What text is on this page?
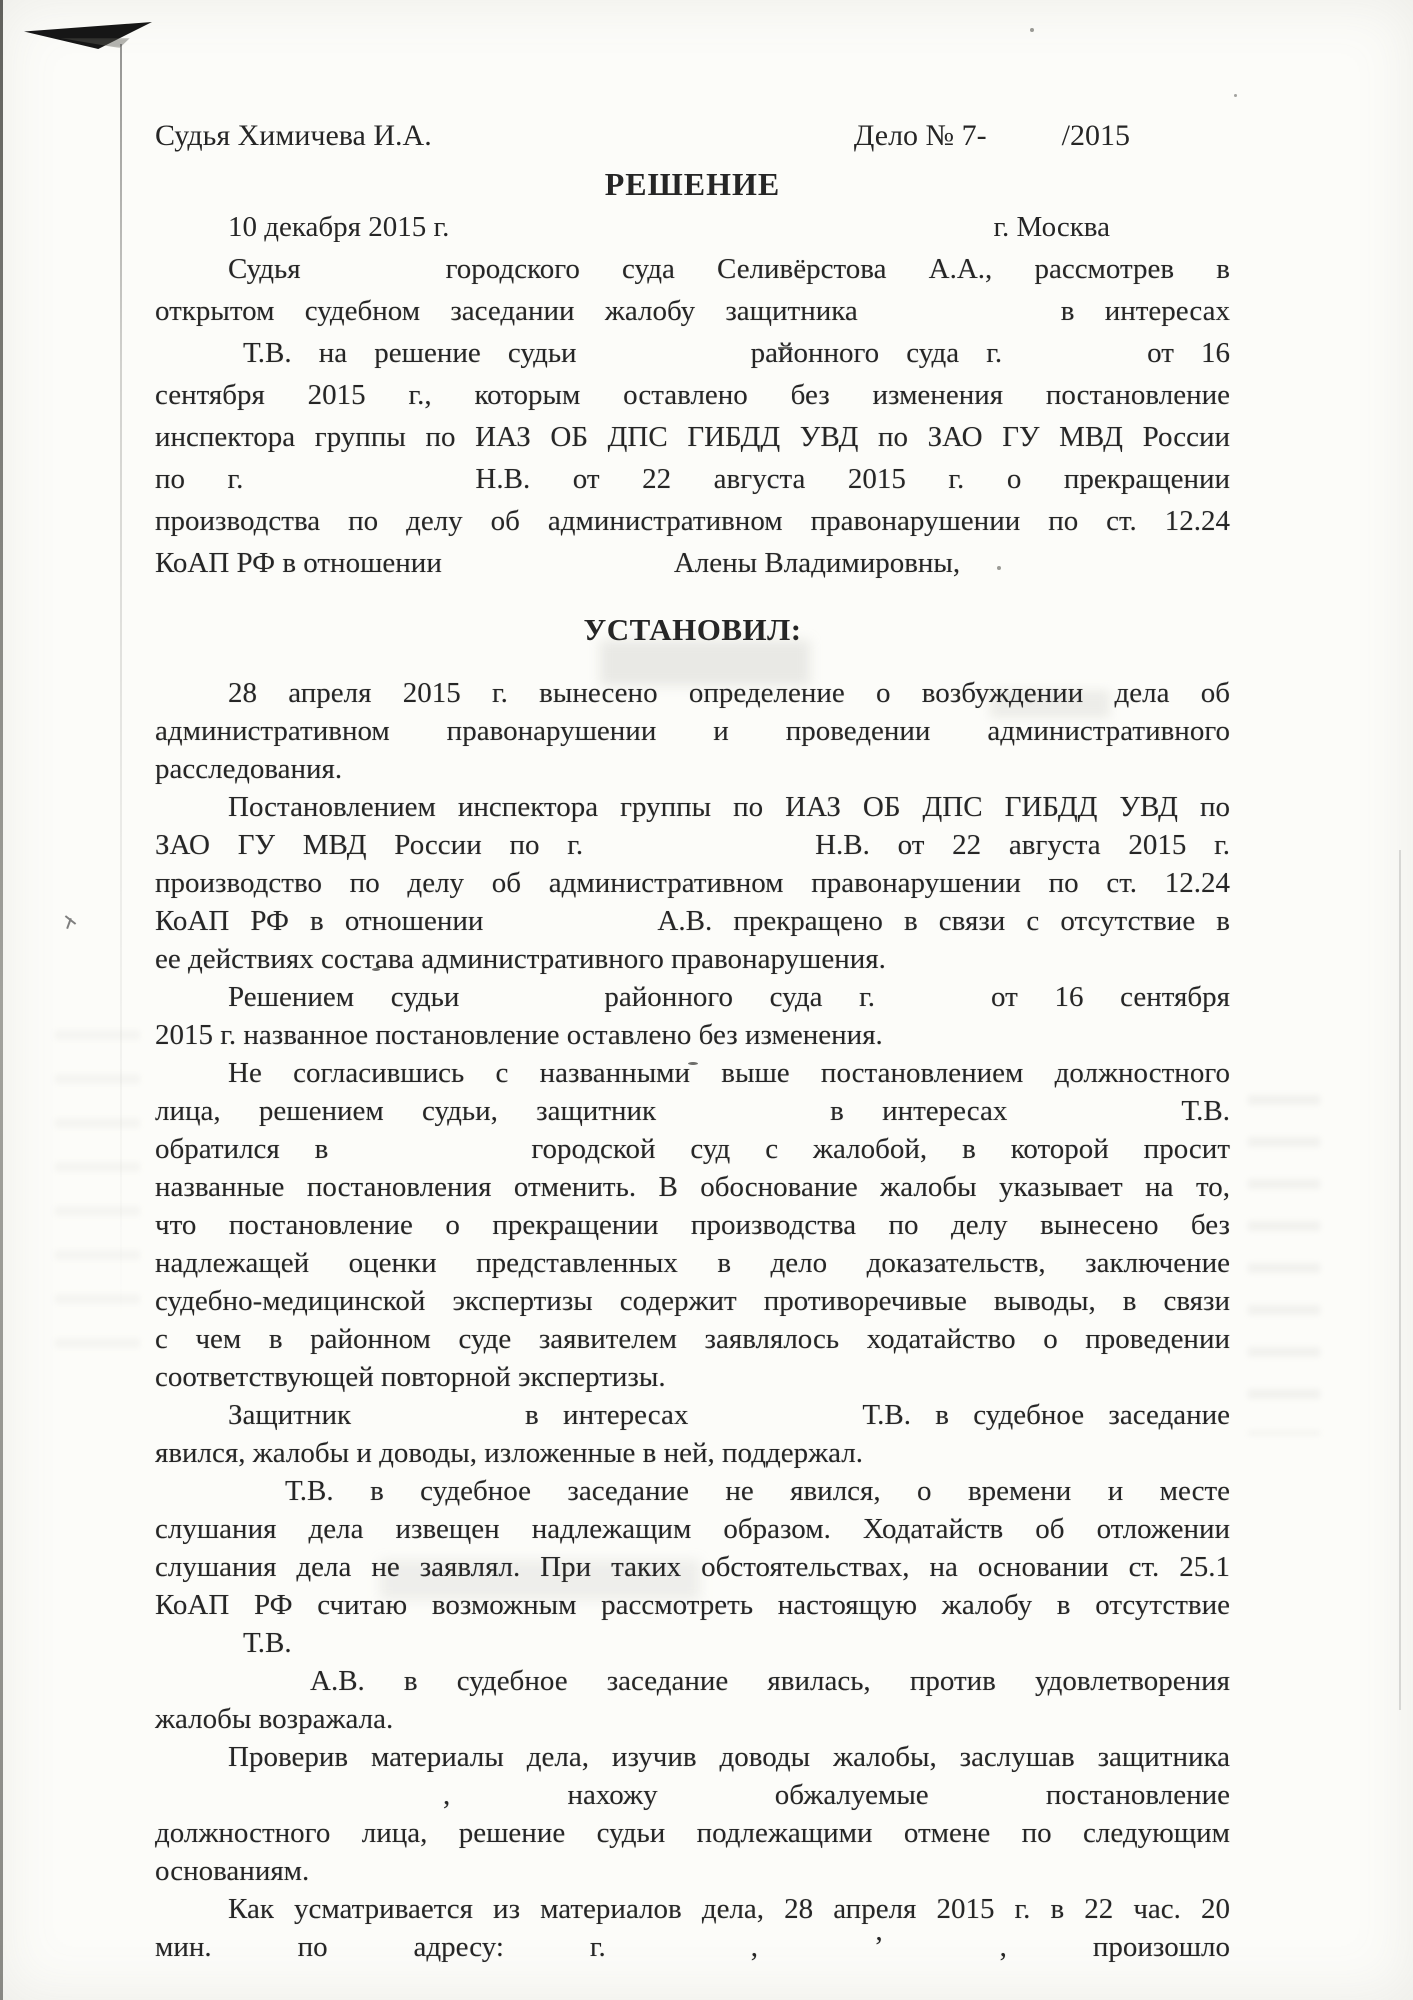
Судья Химичева И.А.	Дело № 7-   /2015
РЕШЕНИЕ
10 декабря 2015 г.	г. Москва
Судья     городского суда Селивёрстова А.А., рассмотрев в
открытом судебном заседании жалобу защитника       в интересах
Т.В. на решение судьи      районного суда г.     от 16
сентября 2015 г., которым оставлено без изменения постановление
инспектора группы по ИАЗ ОБ ДПС ГИБДД УВД по ЗАО ГУ МВД России
по г.        Н.В. от 22 августа 2015 г. о прекращении
производства по делу об административном правонарушении по ст. 12.24
КоАП РФ в отношении        Алены Владимировны,
УСТАНОВИЛ:
28 апреля 2015 г. вынесено определение о возбуждении дела об
административном правонарушении и проведении административного
расследования.
Постановлением инспектора группы по ИАЗ ОБ ДПС ГИБДД УВД по
ЗАО ГУ МВД России по г.        Н.В. от 22 августа 2015 г.
производство по делу об административном правонарушении по ст. 12.24
КоАП РФ в отношении      А.В. прекращено в связи с отсутствие в
ее действиях состава административного правонарушения.
Решением судьи     районного суда г.    от 16 сентября
2015 г. названное постановление оставлено без изменения.
Не согласившись с названными выше постановлением должностного
лица, решением судьи, защитник      в интересах      Т.В.
обратился в       городской суд с жалобой, в которой просит
названные постановления отменить. В обоснование жалобы указывает на то,
что постановление о прекращении производства по делу вынесено без
надлежащей оценки представленных в дело доказательств, заключение
судебно-медицинской экспертизы содержит противоречивые выводы, в связи
с чем в районном суде заявителем заявлялось ходатайство о проведении
соответствующей повторной экспертизы.
Защитник      в интересах      Т.В. в судебное заседание
явился, жалобы и доводы, изложенные в ней, поддержал.
Т.В. в судебное заседание не явился, о времени и месте
слушания дела извещен надлежащим образом. Ходатайств об отложении
слушания дела не заявлял. При таких обстоятельствах, на основании ст. 25.1
КоАП РФ считаю возможным рассмотреть настоящую жалобу в отсутствие
Т.В.
А.В. в судебное заседание явилась, против удовлетворения
жалобы возражала.
Проверив материалы дела, изучив доводы жалобы, заслушав защитника
, нахожу обжалуемые постановление
должностного лица, решение судьи подлежащими отмене по следующим
основаниям.
Как усматривается из материалов дела, 28 апреля 2015 г. в 22 час. 20
мин. по адресу: г.     ,    ’    , произошло
